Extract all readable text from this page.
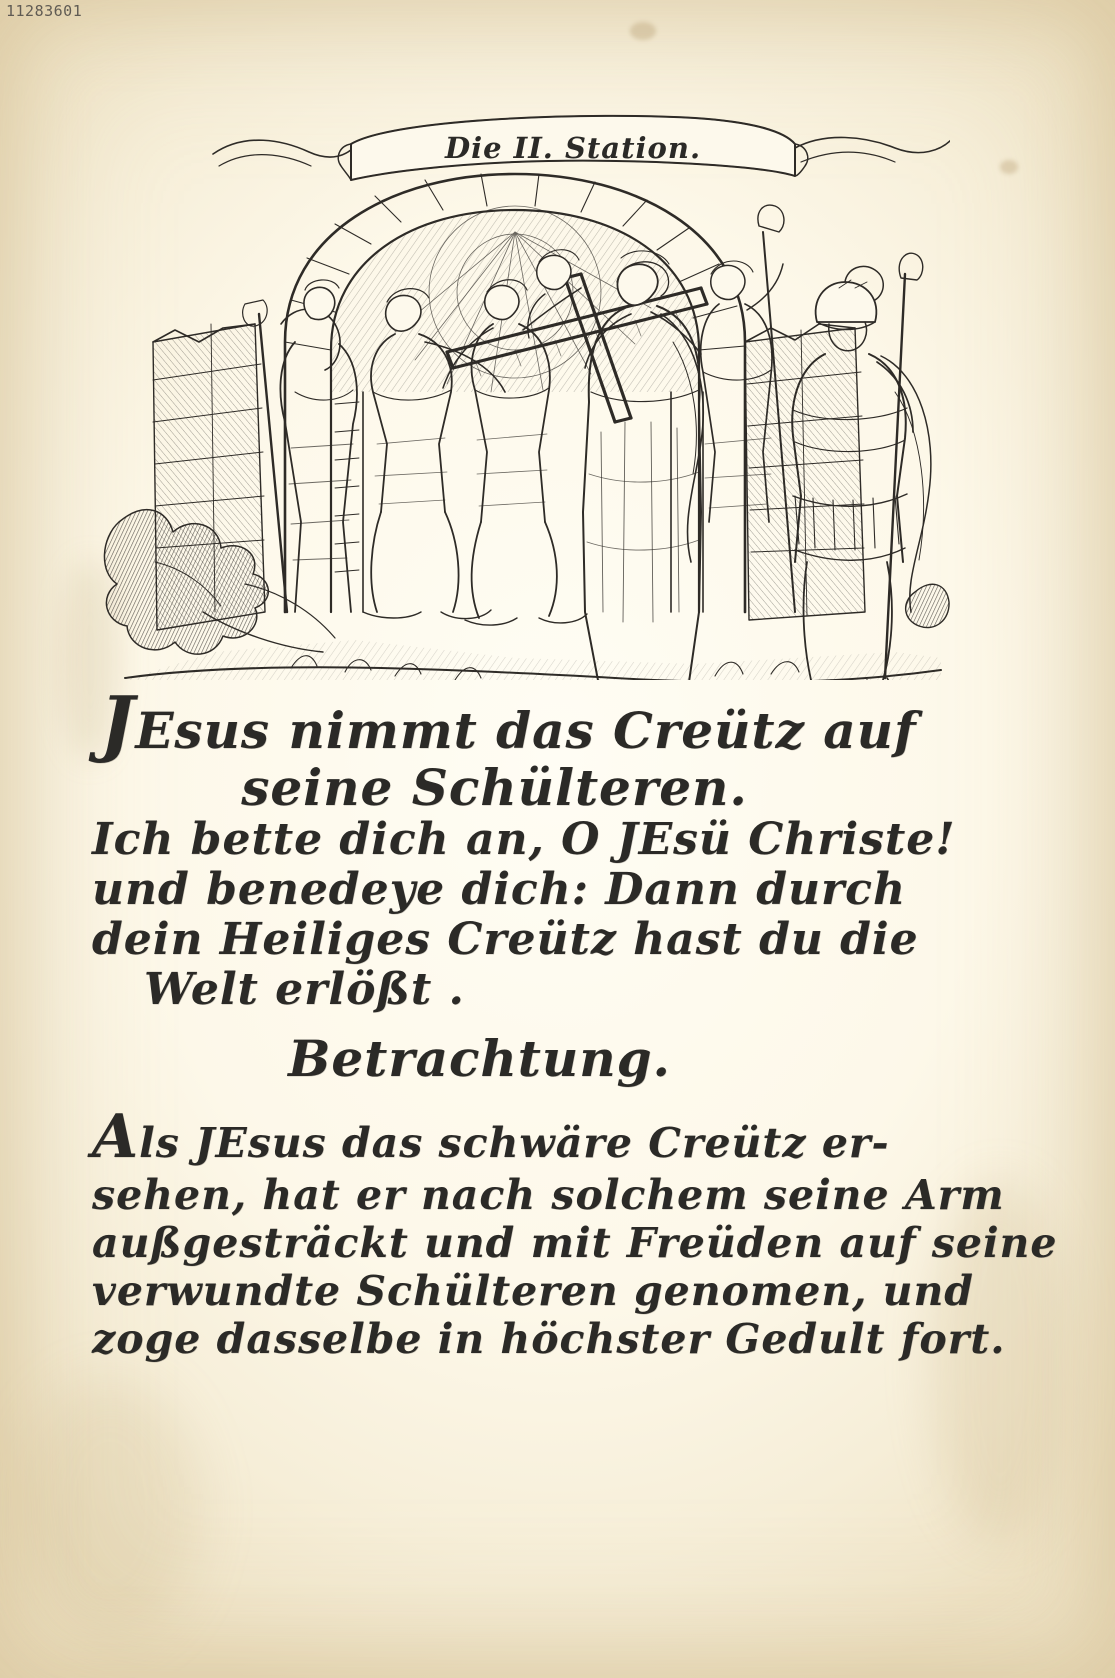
11283601
Die II. Station.
JEsus nimmt das Creütz auf
seine Schülteren.
Ich bette dich an, O JEsü Christe!
und benedeye dich: Dann durch
dein Heiliges Creütz hast du die
Welt erlößt .
Betrachtung.
Als JEsus das schwäre Creütz er-
sehen, hat er nach solchem seine Arm
außgesträckt und mit Freüden auf seine
verwundte Schülteren genomen, und
zoge dasselbe in höchster Gedult fort.
